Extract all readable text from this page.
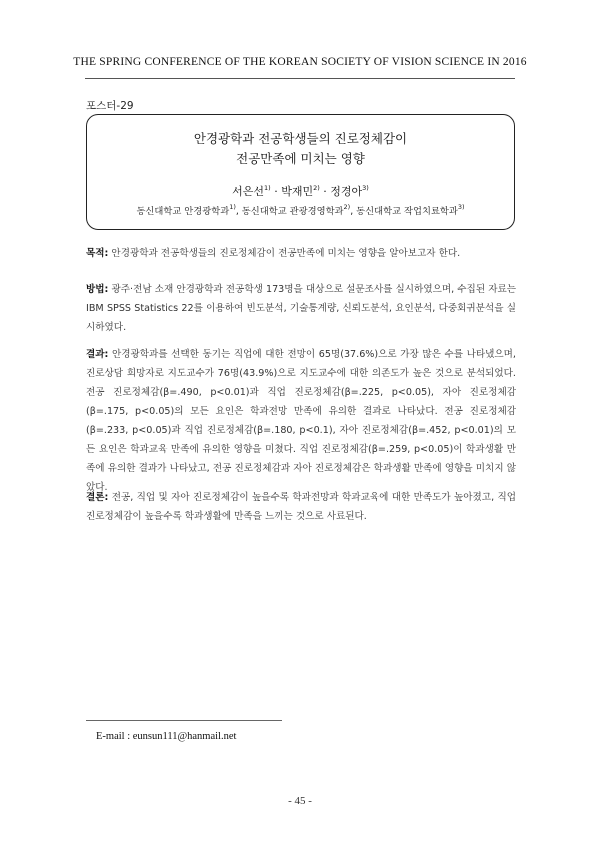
THE SPRING CONFERENCE OF THE KOREAN SOCIETY OF VISION SCIENCE IN 2016
포스터-29
안경광학과 전공학생들의 진로정체감이
전공만족에 미치는 영향
서은선$^{1)}$ · 박재민$^{2)}$ · 정경아$^{3)}$
동신대학교 안경광학과$^{1)}$, 동신대학교 관광경영학과$^{2)}$, 동신대학교 작업치료학과$^{3)}$
목적: 안경광학과 전공학생들의 진로정체감이 전공만족에 미치는 영향을 알아보고자 한다.
방법: 광주·전남 소재 안경광학과 전공학생 173명을 대상으로 설문조사를 실시하였으며, 수집된 자료는 IBM SPSS Statistics 22를 이용하여 빈도분석, 기술통계량, 신뢰도분석, 요인분석, 다중회귀분석을 실시하였다.
결과: 안경광학과를 선택한 동기는 직업에 대한 전망이 65명(37.6%)으로 가장 많은 수를 나타냈으며, 진로상담 희망자로 지도교수가 76명(43.9%)으로 지도교수에 대한 의존도가 높은 것으로 분석되었다. 전공 진로정체감(β=.490, p<0.01)과 직업 진로정체감(β=.225, p<0.05), 자아 진로정체감(β=.175, p<0.05)의 모든 요인은 학과전망 만족에 유의한 결과로 나타났다. 전공 진로정체감(β=.233, p<0.05)과 직업 진로정체감(β=.180, p<0.1), 자아 진로정체감(β=.452, p<0.01)의 모든 요인은 학과교육 만족에 유의한 영향을 미쳤다. 직업 진로정체감(β=.259, p<0.05)이 학과생활 만족에 유의한 결과가 나타났고, 전공 진로정체감과 자아 진로정체감은 학과생활 만족에 영향을 미치지 않았다.
결론: 전공, 직업 및 자아 진로정체감이 높을수록 학과전망과 학과교육에 대한 만족도가 높아졌고, 직업 진로정체감이 높을수록 학과생활에 만족을 느끼는 것으로 사료된다.
E-mail : eunsun111@hanmail.net
- 45 -
